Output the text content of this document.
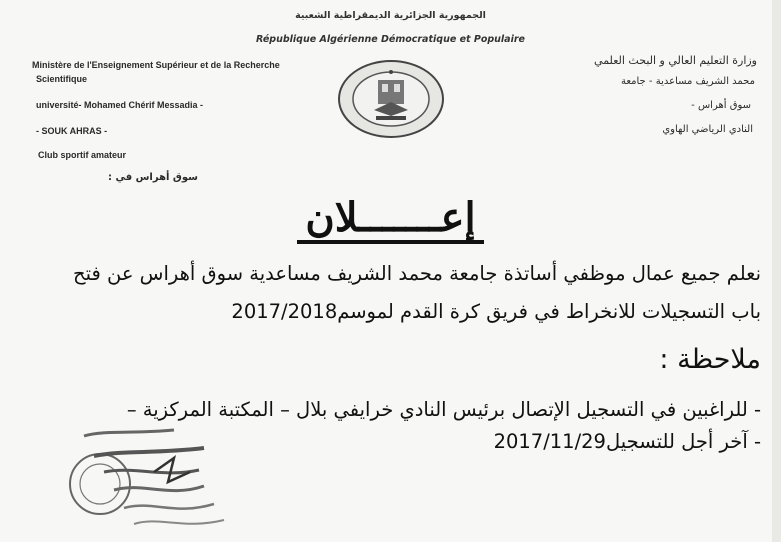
الجمهورية الجزائرية الديمقراطية الشعبية
République Algérienne Démocratique et Populaire
Ministère de l'Enseignement Supérieur et de la Recherche
Scientifique
université- Mohamed Chérif Messadia -
- SOUK AHRAS -
Club sportif amateur
سوق أهراس في :
وزارة التعليم العالي و البحث العلمي
محمد الشريف مساعدية - جامعة
سوق أهراس -
النادي الرياضي الهاوي
إعـــــــلان
نعلم جميع عمال موظفي أساتذة جامعة محمد الشريف مساعدية سوق أهراس عن فتح
باب التسجيلات للانخراط في فريق كرة القدم لموسم2017/2018
ملاحظة :
- للراغبين في التسجيل الإتصال برئيس النادي خرايفي بلال – المكتبة المركزية –
- آخر أجل للتسجيل2017/11/29
